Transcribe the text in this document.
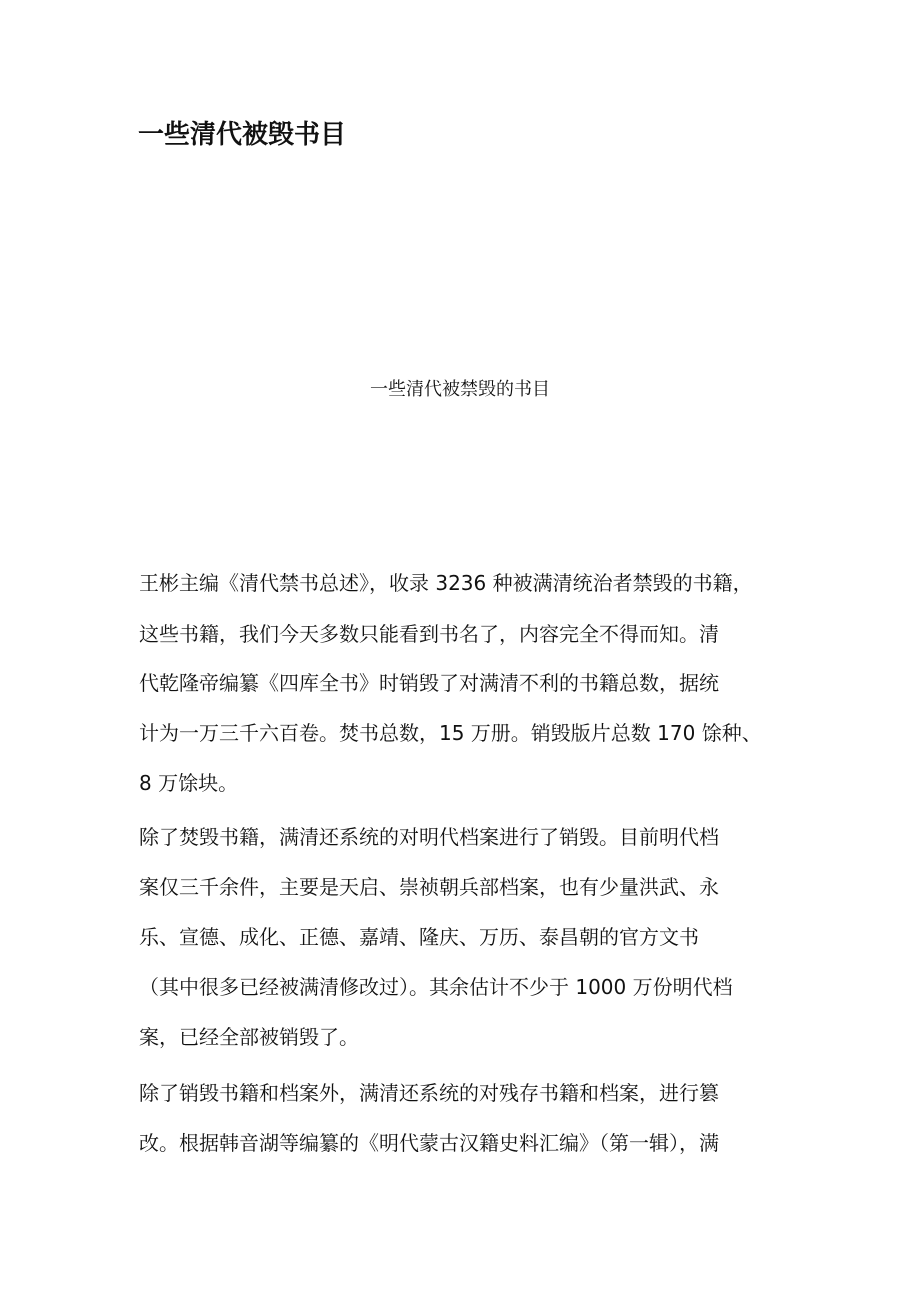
一些清代被毁书目
一些清代被禁毁的书目
王彬主编《清代禁书总述》，收录 3236 种被满清统治者禁毁的书籍，
这些书籍，我们今天多数只能看到书名了，内容完全不得而知。清
代乾隆帝编纂《四库全书》时销毁了对满清不利的书籍总数，据统
计为一万三千六百卷。焚书总数，15 万册。销毁版片总数 170 馀种、
8 万馀块。
除了焚毁书籍，满清还系统的对明代档案进行了销毁。目前明代档
案仅三千余件，主要是天启、崇祯朝兵部档案，也有少量洪武、永
乐、宣德、成化、正德、嘉靖、隆庆、万历、泰昌朝的官方文书
（其中很多已经被满清修改过）。其余估计不少于 1000 万份明代档
案，已经全部被销毁了。
除了销毁书籍和档案外，满清还系统的对残存书籍和档案，进行篡
改。根据韩音湖等编纂的《明代蒙古汉籍史料汇编》（第一辑），满
